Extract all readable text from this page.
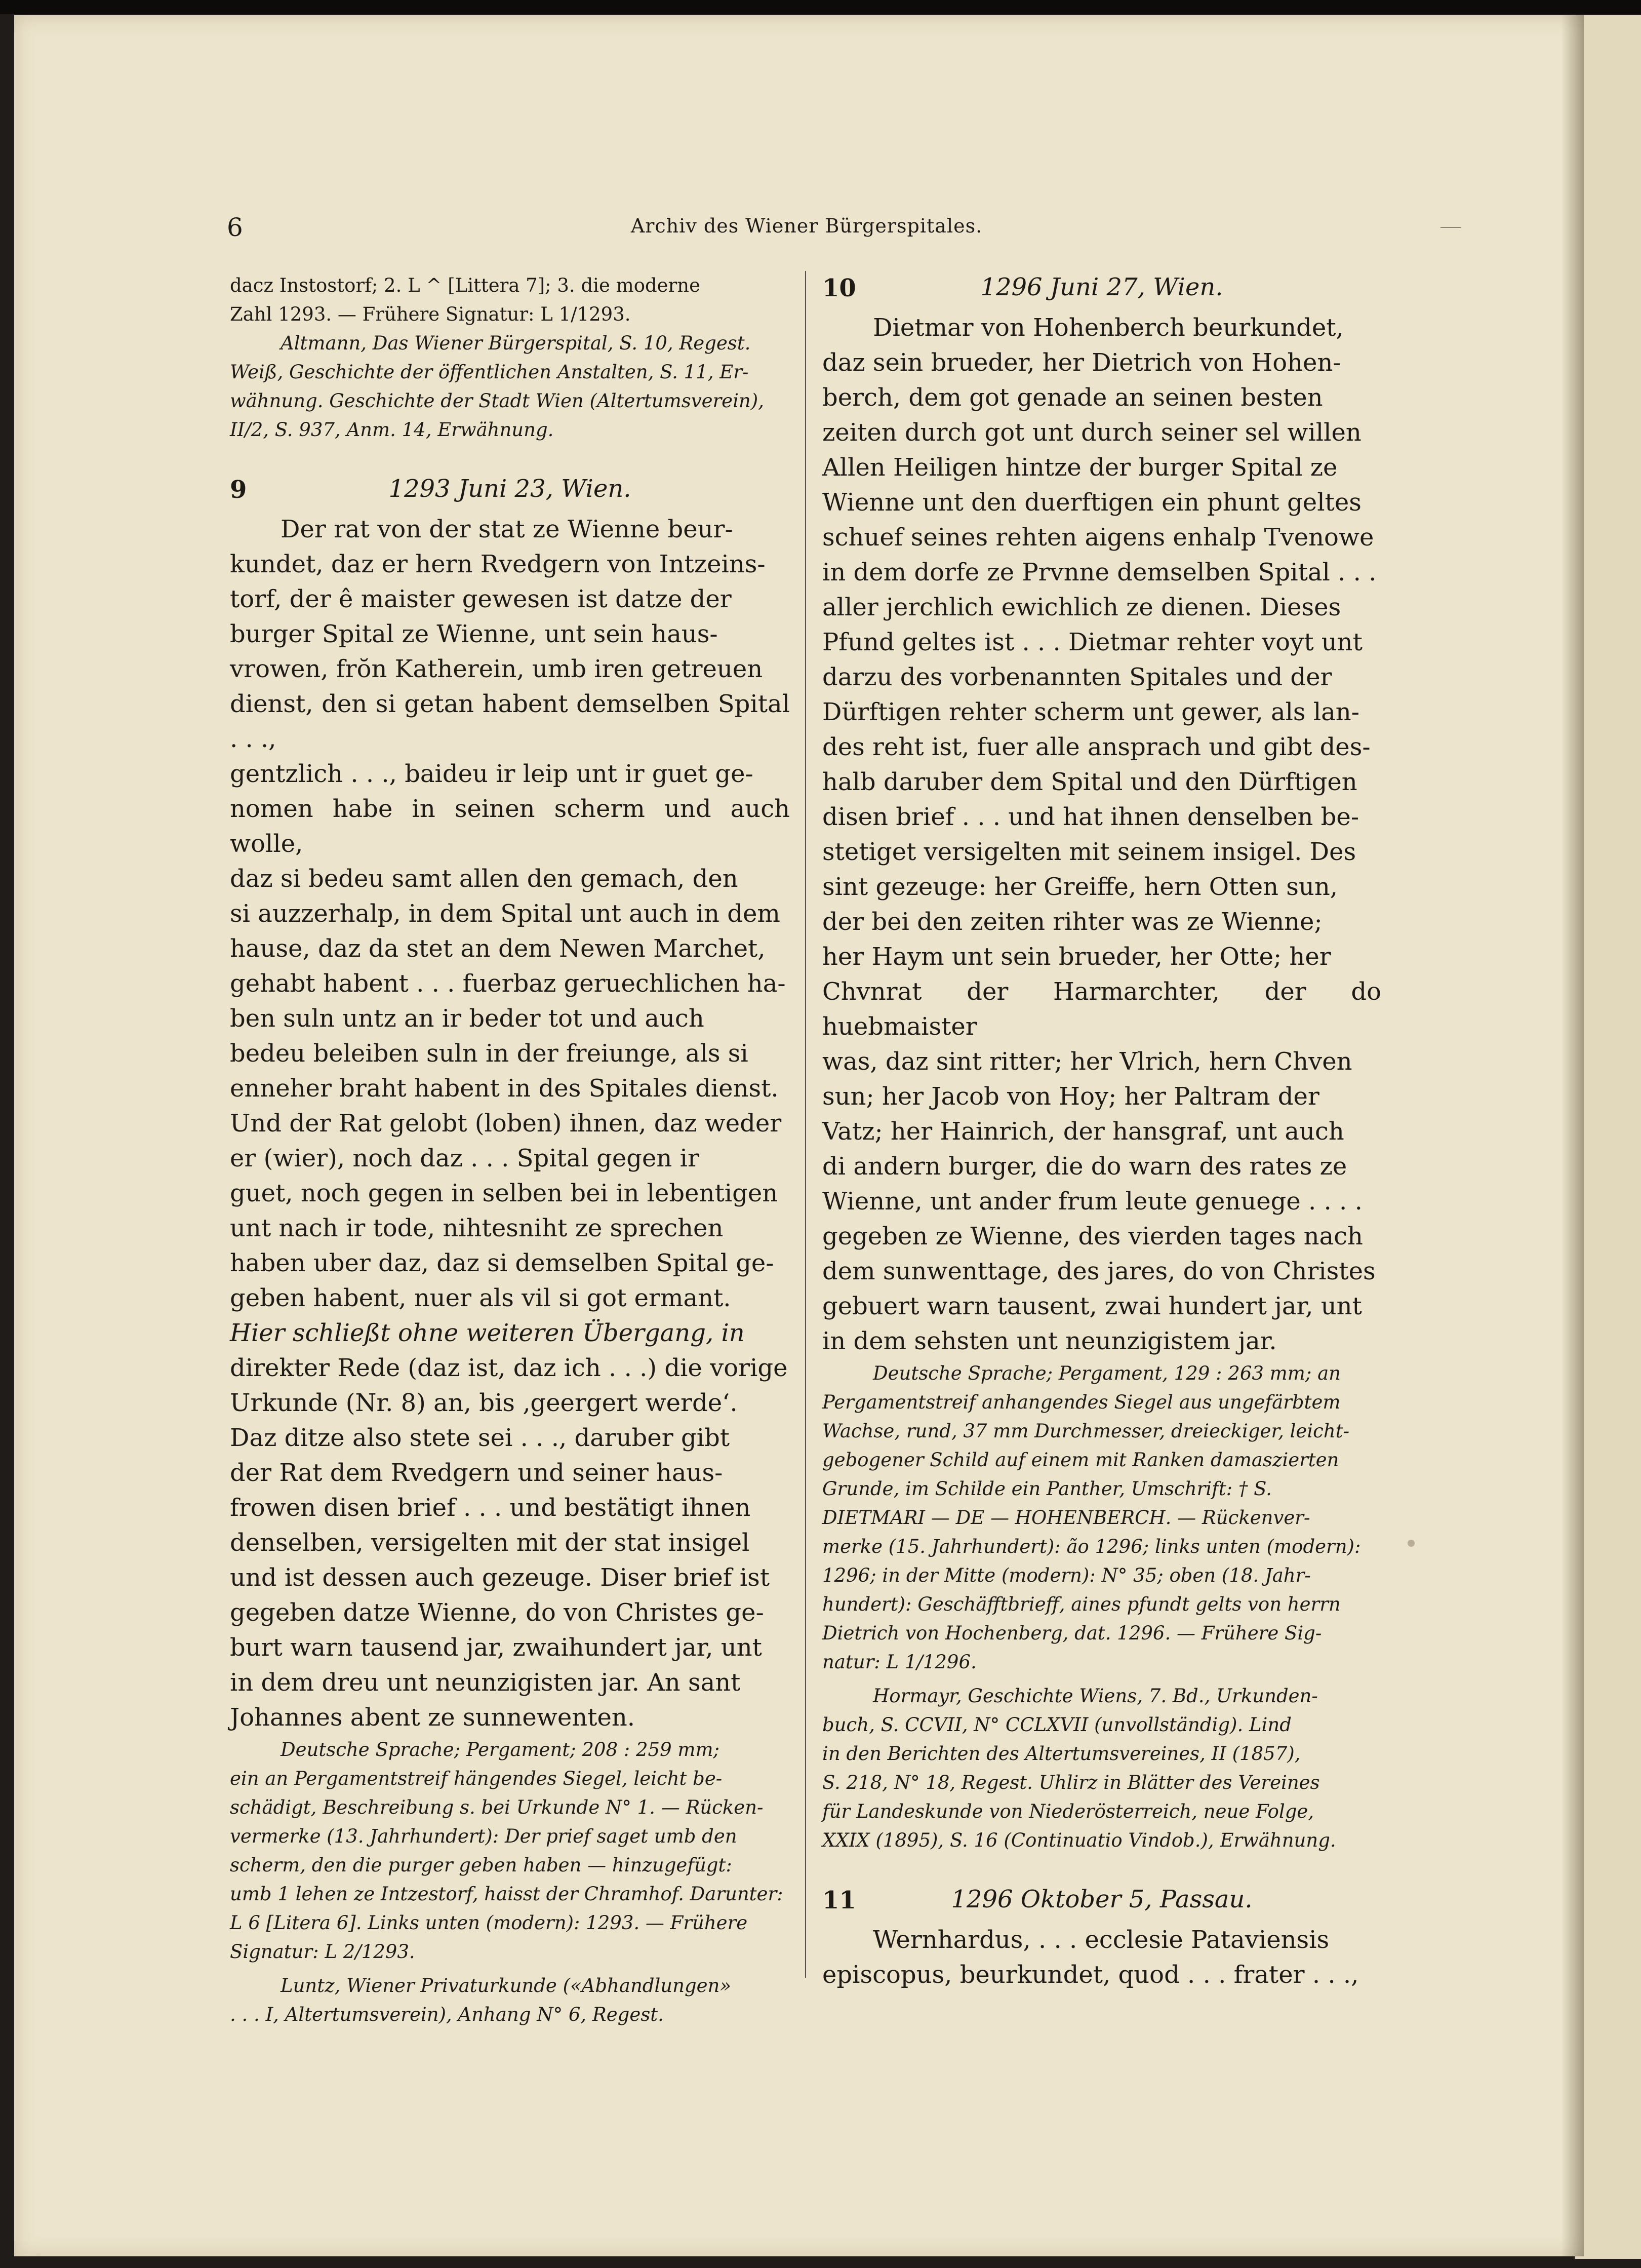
6	Archiv des Wiener Bürgerspitales.

dacz Instostorf; 2. L ^ [Littera 7]; 3. die moderne

Zahl 1293. — Frühere Signatur: L 1/1293.

Altmann, Das Wiener Bürgerspital, S. 10, Regest.

Weiß, Geschichte der öffentlichen Anstalten, S. 11, Er-

wähnung. Geschichte der Stadt Wien (Altertumsverein),

II/2, S. 937, Anm. 14, Erwähnung.

9	1293 Juni 23, Wien.

Der rat von der stat ze Wienne beur-

kundet, daz er hern Rvedgern von Intzeins-

torf, der ê maister gewesen ist datze der

burger Spital ze Wienne, unt sein haus-

vrowen, frŏn Katherein, umb iren getreuen

dienst, den si getan habent demselben Spital . . .,

gentzlich . . ., baideu ir leip unt ir guet ge-

nomen habe in seinen scherm und auch wolle,

daz si bedeu samt allen den gemach, den

si auzzerhalp, in dem Spital unt auch in dem

hause, daz da stet an dem Newen Marchet,

gehabt habent . . . fuerbaz geruechlichen ha-

ben suln untz an ir beder tot und auch

bedeu beleiben suln in der freiunge, als si

enneher braht habent in des Spitales dienst.

Und der Rat gelobt (loben) ihnen, daz weder

er (wier), noch daz . . . Spital gegen ir

guet, noch gegen in selben bei in lebentigen

unt nach ir tode, nihtesniht ze sprechen

haben uber daz, daz si demselben Spital ge-

geben habent, nuer als vil si got ermant.

Hier schließt ohne weiteren Übergang, in

direkter Rede (daz ist, daz ich . . .) die vorige

Urkunde (Nr. 8) an, bis ‚geergert werde‘.

Daz ditze also stete sei . . ., daruber gibt

der Rat dem Rvedgern und seiner haus-

frowen disen brief . . . und bestätigt ihnen

denselben, versigelten mit der stat insigel

und ist dessen auch gezeuge. Diser brief ist

gegeben datze Wienne, do von Christes ge-

burt warn tausend jar, zwaihundert jar, unt

in dem dreu unt neunzigisten jar. An sant

Johannes abent ze sunnewenten.

Deutsche Sprache; Pergament; 208 : 259 mm;

ein an Pergamentstreif hängendes Siegel, leicht be-

schädigt, Beschreibung s. bei Urkunde N° 1. — Rücken-

vermerke (13. Jahrhundert): Der prief saget umb den

scherm, den die purger geben haben — hinzugefügt:

umb 1 lehen ze Intzestorf, haisst der Chramhof. Darunter:

L 6 [Litera 6]. Links unten (modern): 1293. — Frühere

Signatur: L 2/1293.

Luntz, Wiener Privaturkunde («Abhandlungen»

. . . I, Altertumsverein), Anhang N° 6, Regest.

10	1296 Juni 27, Wien.

Dietmar von Hohenberch beurkundet,

daz sein brueder, her Dietrich von Hohen-

berch, dem got genade an seinen besten

zeiten durch got unt durch seiner sel willen

Allen Heiligen hintze der burger Spital ze

Wienne unt den duerftigen ein phunt geltes

schuef seines rehten aigens enhalp Tvenowe

in dem dorfe ze Prvnne demselben Spital . . .

aller jerchlich ewichlich ze dienen. Dieses

Pfund geltes ist . . . Dietmar rehter voyt unt

darzu des vorbenannten Spitales und der

Dürftigen rehter scherm unt gewer, als lan-

des reht ist, fuer alle ansprach und gibt des-

halb daruber dem Spital und den Dürftigen

disen brief . . . und hat ihnen denselben be-

stetiget versigelten mit seinem insigel. Des

sint gezeuge: her Greiffe, hern Otten sun,

der bei den zeiten rihter was ze Wienne;

her Haym unt sein brueder, her Otte; her

Chvnrat der Harmarchter, der do huebmaister

was, daz sint ritter; her Vlrich, hern Chven

sun; her Jacob von Hoy; her Paltram der

Vatz; her Hainrich, der hansgraf, unt auch

di andern burger, die do warn des rates ze

Wienne, unt ander frum leute genuege . . . .

gegeben ze Wienne, des vierden tages nach

dem sunwenttage, des jares, do von Christes

gebuert warn tausent, zwai hundert jar, unt

in dem sehsten unt neunzigistem jar.

Deutsche Sprache; Pergament, 129 : 263 mm; an

Pergamentstreif anhangendes Siegel aus ungefärbtem

Wachse, rund, 37 mm Durchmesser, dreieckiger, leicht-

gebogener Schild auf einem mit Ranken damaszierten

Grunde, im Schilde ein Panther, Umschrift: † S.

DIETMARI — DE — HOHENBERCH. — Rückenver-

merke (15. Jahrhundert): ão 1296; links unten (modern):

1296; in der Mitte (modern): N° 35; oben (18. Jahr-

hundert): Geschäfftbrieff, aines pfundt gelts von herrn

Dietrich von Hochenberg, dat. 1296. — Frühere Sig-

natur: L 1/1296.

Hormayr, Geschichte Wiens, 7. Bd., Urkunden-

buch, S. CCVII, N° CCLXVII (unvollständig). Lind

in den Berichten des Altertumsvereines, II (1857),

S. 218, N° 18, Regest. Uhlirz in Blätter des Vereines

für Landeskunde von Niederösterreich, neue Folge,

XXIX (1895), S. 16 (Continuatio Vindob.), Erwähnung.

11	1296 Oktober 5, Passau.

Wernhardus, . . . ecclesie Pataviensis

episcopus, beurkundet, quod . . . frater . . .,
